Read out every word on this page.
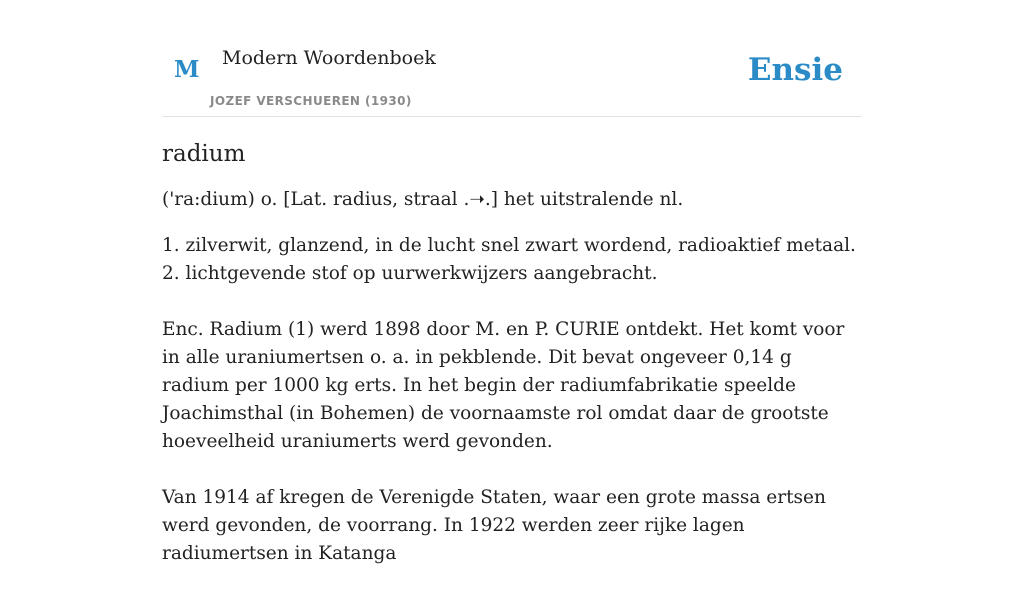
M Modern Woordenboek
JOZEF VERSCHUEREN (1930)
Ensie
radium
('ra:dium) o. [Lat. radius, straal .➝.] het uitstralende nl.
1. zilverwit, glanzend, in de lucht snel zwart wordend, radioaktief metaal.
2. lichtgevende stof op uurwerkwijzers aangebracht.
Enc. Radium (1) werd 1898 door M. en P. CURIE ontdekt. Het komt voor in alle uraniumertsen o. a. in pekblende. Dit bevat ongeveer 0,14 g radium per 1000 kg erts. In het begin der radiumfabrikatie speelde Joachimsthal (in Bohemen) de voornaamste rol omdat daar de grootste hoeveelheid uraniumerts werd gevonden.
Van 1914 af kregen de Verenigde Staten, waar een grote massa ertsen werd gevonden, de voorrang. In 1922 werden zeer rijke lagen radiumertsen in Katanga
